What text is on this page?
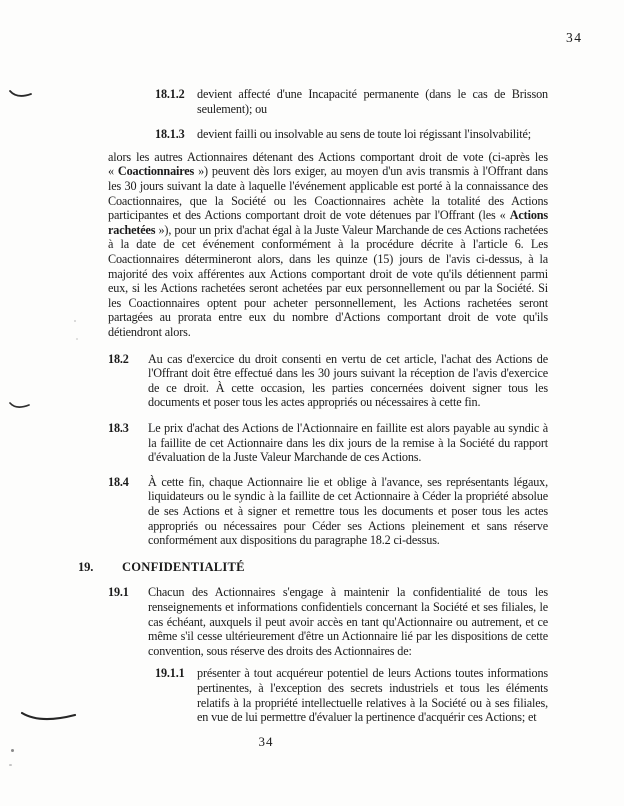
34
18.1.2	devient affecté d'une Incapacité permanente (dans le cas de Brisson seulement); ou
18.1.3	devient failli ou insolvable au sens de toute loi régissant l'insolvabilité;

alors les autres Actionnaires détenant des Actions comportant droit de vote (ci-après les « Coactionnaires ») peuvent dès lors exiger, au moyen d'un avis transmis à l'Offrant dans les 30 jours suivant la date à laquelle l'événement applicable est porté à la connaissance des Coactionnaires, que la Société ou les Coactionnaires achète la totalité des Actions participantes et des Actions comportant droit de vote détenues par l'Offrant (les « Actions rachetées »), pour un prix d'achat égal à la Juste Valeur Marchande de ces Actions rachetées à la date de cet événement conformément à la procédure décrite à l'article 6. Les Coactionnaires détermineront alors, dans les quinze (15) jours de l'avis ci-dessus, à la majorité des voix afférentes aux Actions comportant droit de vote qu'ils détiennent parmi eux, si les Actions rachetées seront achetées par eux personnellement ou par la Société. Si les Coactionnaires optent pour acheter personnellement, les Actions rachetées seront partagées au prorata entre eux du nombre d'Actions comportant droit de vote qu'ils détiendront alors.

18.2	Au cas d'exercice du droit consenti en vertu de cet article, l'achat des Actions de l'Offrant doit être effectué dans les 30 jours suivant la réception de l'avis d'exercice de ce droit. À cette occasion, les parties concernées doivent signer tous les documents et poser tous les actes appropriés ou nécessaires à cette fin.
18.3	Le prix d'achat des Actions de l'Actionnaire en faillite est alors payable au syndic à la faillite de cet Actionnaire dans les dix jours de la remise à la Société du rapport d'évaluation de la Juste Valeur Marchande de ces Actions.
18.4	À cette fin, chaque Actionnaire lie et oblige à l'avance, ses représentants légaux, liquidateurs ou le syndic à la faillite de cet Actionnaire à Céder la propriété absolue de ses Actions et à signer et remettre tous les documents et poser tous les actes appropriés ou nécessaires pour Céder ses Actions pleinement et sans réserve conformément aux dispositions du paragraphe 18.2 ci-dessus.
19.	CONFIDENTIALITÉ
19.1	Chacun des Actionnaires s'engage à maintenir la confidentialité de tous les renseignements et informations confidentiels concernant la Société et ses filiales, le cas échéant, auxquels il peut avoir accès en tant qu'Actionnaire ou autrement, et ce même s'il cesse ultérieurement d'être un Actionnaire lié par les dispositions de cette convention, sous réserve des droits des Actionnaires de:
19.1.1	présenter à tout acquéreur potentiel de leurs Actions toutes informations pertinentes, à l'exception des secrets industriels et tous les éléments relatifs à la propriété intellectuelle relatives à la Société ou à ses filiales, en vue de lui permettre d'évaluer la pertinence d'acquérir ces Actions; et
34
